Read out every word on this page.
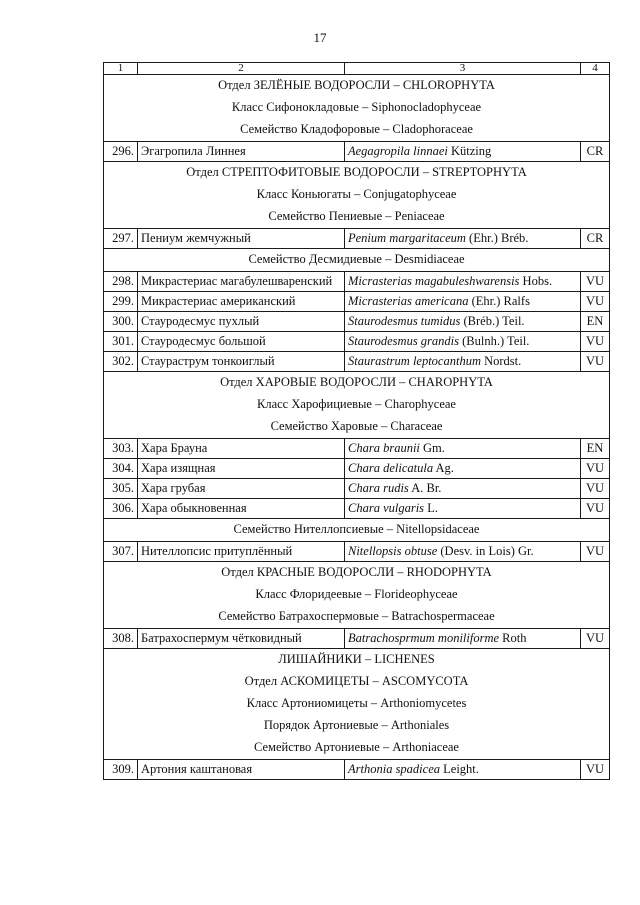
17
1	2	3	4
Отдел ЗЕЛЁНЫЕ ВОДОРОСЛИ – CHLOROPHYTA			
Класс Сифонокладовые – Siphonocladophyceae			
Семейство Кладофоровые – Cladophoraceae			
296.	Эгагропила Линнея	Aegagropila linnaei Kützing	CR
Отдел СТРЕПТОФИТОВЫЕ ВОДОРОСЛИ – STREPTOPHYTA			
Класс Коньюгаты – Conjugatophyceae			
Семейство Пениевые – Peniaceae			
297.	Пениум жемчужный	Penium margaritaceum (Ehr.) Bréb.	CR
Семейство Десмидиевые – Desmidiaceae			
298.	Микрастериас магабулешваренский	Micrasterias magabuleshwarensis Hobs.	VU
299.	Микрастериас американский	Micrasterias americana (Ehr.) Ralfs	VU
300.	Стауродесмус пухлый	Staurodesmus tumidus (Bréb.) Teil.	EN
301.	Стауродесмус большой	Staurodesmus grandis (Bulnh.) Teil.	VU
302.	Стаураструм тонкоиглый	Staurastrum leptocanthum Nordst.	VU
Отдел ХАРОВЫЕ ВОДОРОСЛИ – CHAROPHYTA			
Класс Харофициевые – Charophyceae			
Семейство Харовые – Characeae			
303.	Хара Брауна	Chara braunii Gm.	EN
304.	Хара изящная	Chara delicatula Ag.	VU
305.	Хара грубая	Chara rudis A. Br.	VU
306.	Хара обыкновенная	Chara vulgaris L.	VU
Семейство Нителлопсиевые – Nitellopsidaceae			
307.	Нителлопсис притуплённый	Nitellopsis obtuse (Desv. in Lois) Gr.	VU
Отдел КРАСНЫЕ ВОДОРОСЛИ – RHODOPHYTA			
Класс Флоридеевые – Florideophyceae			
Семейство Батрахоспермовые – Batrachospermaceae			
308.	Батрахоспермум чётковидный	Batrachosprmum moniliforme Roth	VU
ЛИШАЙНИКИ – LICHENES			
Отдел АСКОМИЦЕТЫ – ASCOMYCOTA			
Класс Артониомицеты – Arthoniomycetes			
Порядок Артониевые – Arthoniales			
Семейство Артониевые – Arthoniaceae			
309.	Артония каштановая	Arthonia spadicea Leight.	VU
